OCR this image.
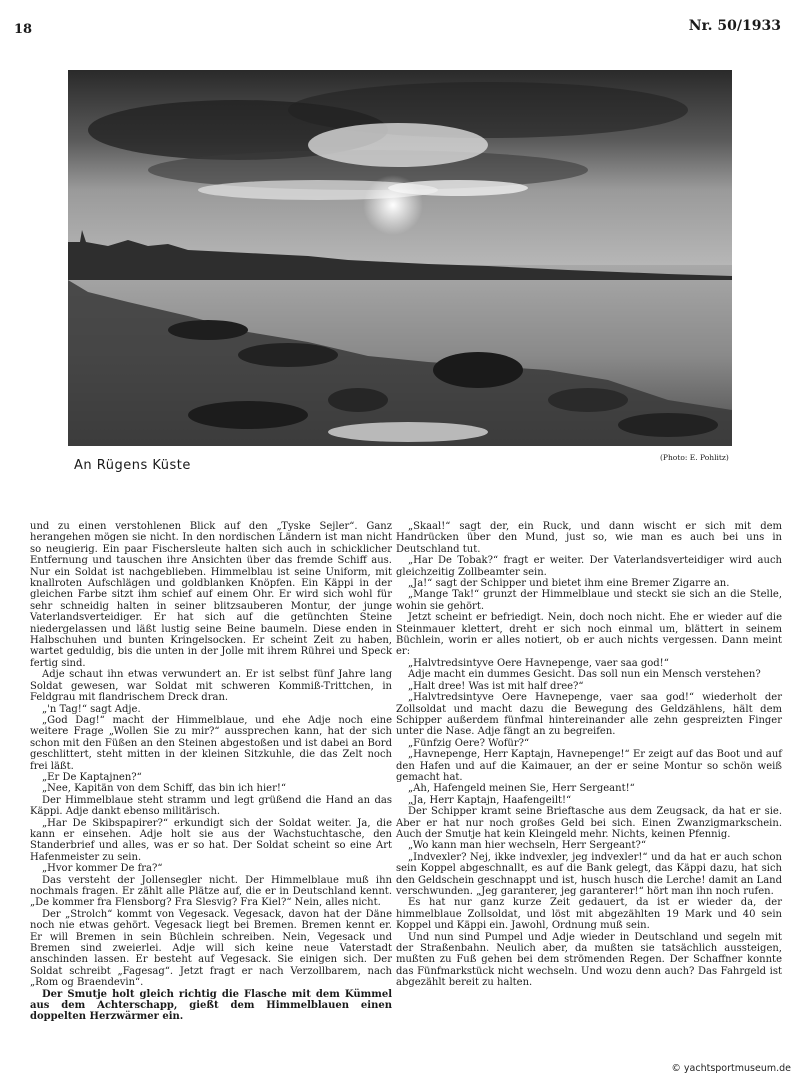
18	Nr. 50/1933
An Rügens Küste
(Photo: E. Pohlitz)

und zu einen verstohlenen Blick auf den „Tyske Sejler“. Ganz herangehen mögen sie nicht. In den nordischen Ländern ist man nicht so neugierig. Ein paar Fischersleute halten sich auch in schicklicher Entfernung und tauschen ihre Ansichten über das fremde Schiff aus. Nur ein Soldat ist nachgeblieben. Himmelblau ist seine Uniform, mit knallroten Aufschlägen und goldblanken Knöpfen. Ein Käppi in der gleichen Farbe sitzt ihm schief auf einem Ohr. Er wird sich wohl für sehr schneidig halten in seiner blitzsauberen Montur, der junge Vaterlandsverteidiger. Er hat sich auf die getünchten Steine niedergelassen und läßt lustig seine Beine baumeln. Diese enden in Halbschuhen und bunten Kringelsocken. Er scheint Zeit zu haben, wartet geduldig, bis die unten in der Jolle mit ihrem Rührei und Speck fertig sind.

Adje schaut ihn etwas verwundert an. Er ist selbst fünf Jahre lang Soldat gewesen, war Soldat mit schweren Kommiß-Trittchen, in Feldgrau mit flandrischem Dreck dran.

„'n Tag!“ sagt Adje.

„God Dag!“ macht der Himmelblaue, und ehe Adje noch eine weitere Frage „Wollen Sie zu mir?“ aussprechen kann, hat der sich schon mit den Füßen an den Steinen abgestoßen und ist dabei an Bord geschlittert, steht mitten in der kleinen Sitzkuhle, die das Zelt noch frei läßt.

„Er De Kaptajnen?“

„Nee, Kapitän von dem Schiff, das bin ich hier!“

Der Himmelblaue steht stramm und legt grüßend die Hand an das Käppi. Adje dankt ebenso militärisch.

„Har De Skibspapirer?“ erkundigt sich der Soldat weiter. Ja, die kann er einsehen. Adje holt sie aus der Wachstuchtasche, den Standerbrief und alles, was er so hat. Der Soldat scheint so eine Art Hafenmeister zu sein.

„Hvor kommer De fra?“

Das versteht der Jollensegler nicht. Der Himmelblaue muß ihn nochmals fragen. Er zählt alle Plätze auf, die er in Deutschland kennt. „De kommer fra Flensborg? Fra Slesvig? Fra Kiel?“ Nein, alles nicht.

Der „Strolch“ kommt von Vegesack. Vegesack, davon hat der Däne noch nie etwas gehört. Vegesack liegt bei Bremen. Bremen kennt er. Er will Bremen in sein Büchlein schreiben. Nein, Vegesack und Bremen sind zweierlei. Adje will sich keine neue Vaterstadt anschinden lassen. Er besteht auf Vegesack. Sie einigen sich. Der Soldat schreibt „Fagesag“. Jetzt fragt er nach Verzollbarem, nach „Rom og Braendevin“.

Der Smutje holt gleich richtig die Flasche mit dem Kümmel aus dem Achterschapp, gießt dem Himmelblauen einen doppelten Herzwärmer ein.

„Skaal!“ sagt der, ein Ruck, und dann wischt er sich mit dem Handrücken über den Mund, just so, wie man es auch bei uns in Deutschland tut.

„Har De Tobak?“ fragt er weiter. Der Vaterlandsverteidiger wird auch gleichzeitig Zollbeamter sein.

„Ja!“ sagt der Schipper und bietet ihm eine Bremer Zigarre an.

„Mange Tak!“ grunzt der Himmelblaue und steckt sie sich an die Stelle, wohin sie gehört.

Jetzt scheint er befriedigt. Nein, doch noch nicht. Ehe er wieder auf die Steinmauer klettert, dreht er sich noch einmal um, blättert in seinem Büchlein, worin er alles notiert, ob er auch nichts vergessen. Dann meint er:

„Halvtredsintyve Oere Havnepenge, vaer saa god!“

Adje macht ein dummes Gesicht. Das soll nun ein Mensch verstehen?

„Halt dree! Was ist mit half dree?“

„Halvtredsintyve Oere Havnepenge, vaer saa god!“ wiederholt der Zollsoldat und macht dazu die Bewegung des Geldzählens, hält dem Schipper außerdem fünfmal hintereinander alle zehn gespreizten Finger unter die Nase. Adje fängt an zu begreifen.

„Fünfzig Oere? Wofür?“

„Havnepenge, Herr Kaptajn, Havnepenge!“ Er zeigt auf das Boot und auf den Hafen und auf die Kaimauer, an der er seine Montur so schön weiß gemacht hat.

„Ah, Hafengeld meinen Sie, Herr Sergeant!“

„Ja, Herr Kaptajn, Haafengeilt!“

Der Schipper kramt seine Brieftasche aus dem Zeugsack, da hat er sie. Aber er hat nur noch großes Geld bei sich. Einen Zwanzigmarkschein. Auch der Smutje hat kein Kleingeld mehr. Nichts, keinen Pfennig.

„Wo kann man hier wechseln, Herr Sergeant?“

„Indvexler? Nej, ikke indvexler, jeg indvexler!“ und da hat er auch schon sein Koppel abgeschnallt, es auf die Bank gelegt, das Käppi dazu, hat sich den Geldschein geschnappt und ist, husch husch die Lerche! damit an Land verschwunden. „Jeg garanterer, jeg garanterer!“ hört man ihn noch rufen.

Es hat nur ganz kurze Zeit gedauert, da ist er wieder da, der himmelblaue Zollsoldat, und löst mit abgezählten 19 Mark und 40 sein Koppel und Käppi ein. Jawohl, Ordnung muß sein.

Und nun sind Pumpel und Adje wieder in Deutschland und segeln mit der Straßenbahn. Neulich aber, da mußten sie tatsächlich aussteigen, mußten zu Fuß gehen bei dem strömenden Regen. Der Schaffner konnte das Fünfmarkstück nicht wechseln. Und wozu denn auch? Das Fahrgeld ist abgezählt bereit zu halten.

© yachtsportmuseum.de
